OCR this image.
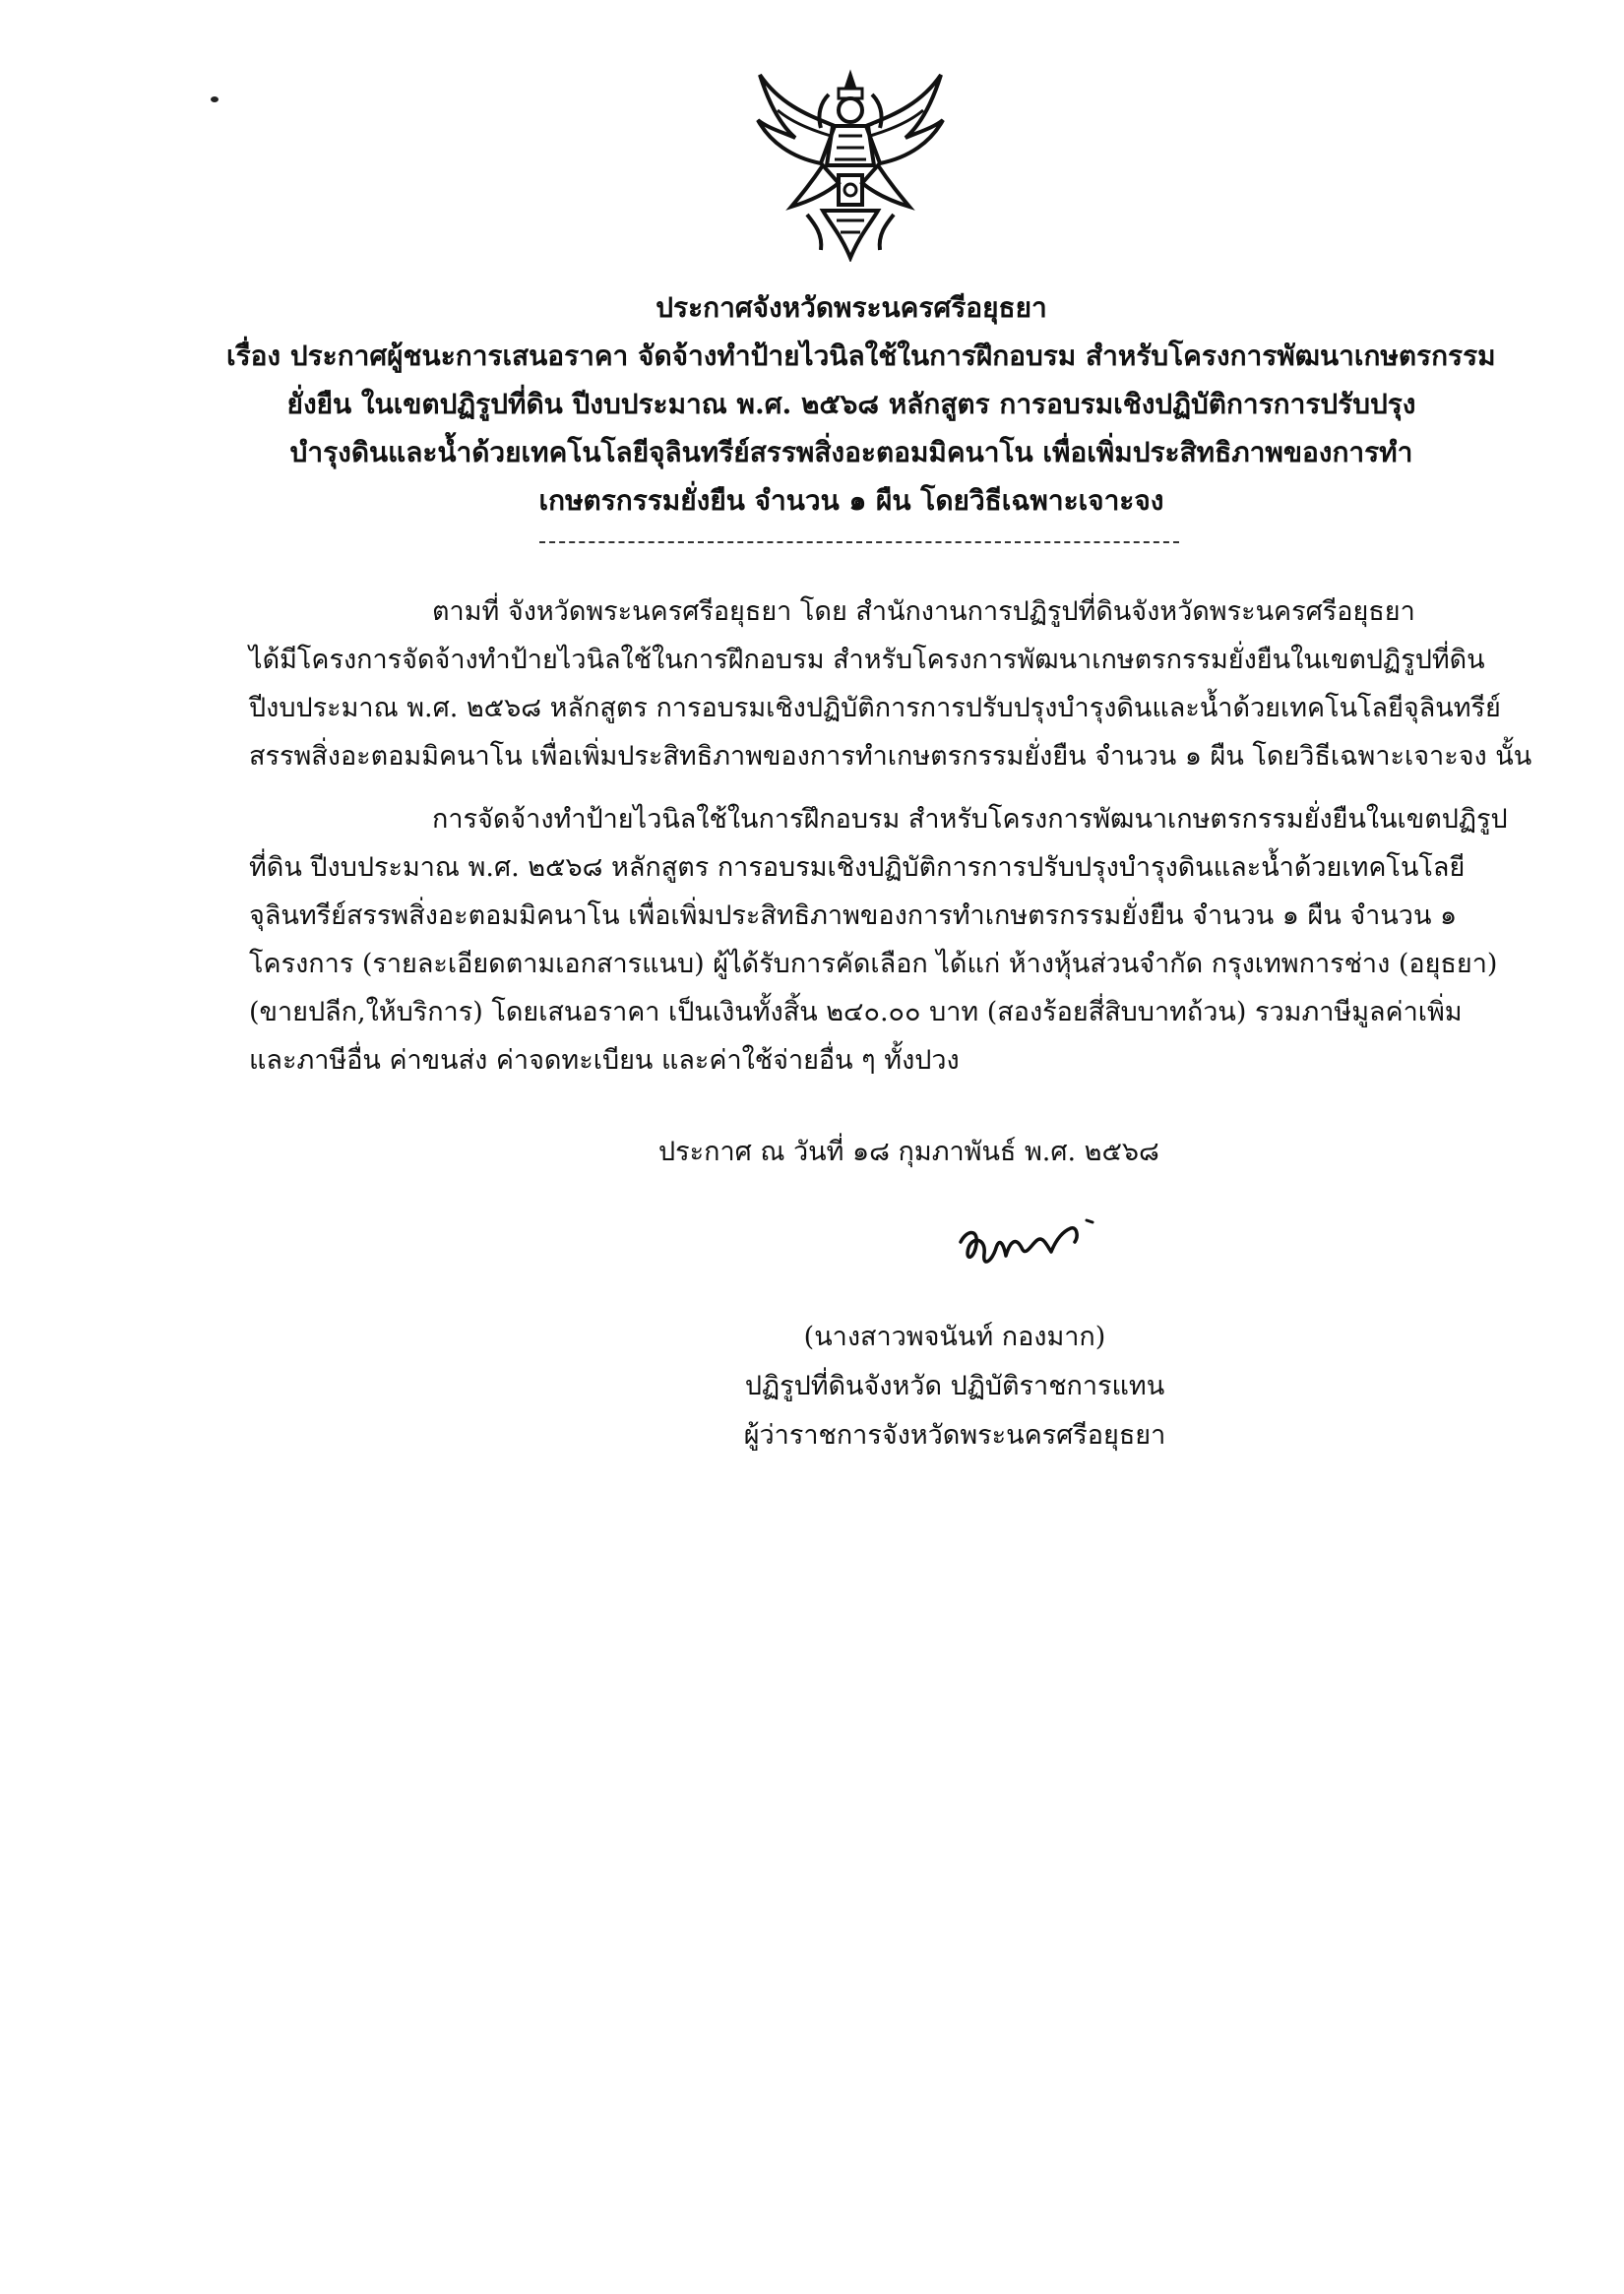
ประกาศจังหวัดพระนครศรีอยุธยา
เรื่อง ประกาศผู้ชนะการเสนอราคา จัดจ้างทำป้ายไวนิลใช้ในการฝึกอบรม สำหรับโครงการพัฒนาเกษตรกรรม
ยั่งยืน ในเขตปฏิรูปที่ดิน ปีงบประมาณ พ.ศ. ๒๕๖๘ หลักสูตร การอบรมเชิงปฏิบัติการการปรับปรุง
บำรุงดินและน้ำด้วยเทคโนโลยีจุลินทรีย์สรรพสิ่งอะตอมมิคนาโน เพื่อเพิ่มประสิทธิภาพของการทำ
เกษตรกรรมยั่งยืน จำนวน ๑ ผืน โดยวิธีเฉพาะเจาะจง
ตามที่ จังหวัดพระนครศรีอยุธยา โดย สำนักงานการปฏิรูปที่ดินจังหวัดพระนครศรีอยุธยา
ได้มีโครงการจัดจ้างทำป้ายไวนิลใช้ในการฝึกอบรม สำหรับโครงการพัฒนาเกษตรกรรมยั่งยืนในเขตปฏิรูปที่ดิน
ปีงบประมาณ พ.ศ. ๒๕๖๘ หลักสูตร การอบรมเชิงปฏิบัติการการปรับปรุงบำรุงดินและน้ำด้วยเทคโนโลยีจุลินทรีย์
สรรพสิ่งอะตอมมิคนาโน เพื่อเพิ่มประสิทธิภาพของการทำเกษตรกรรมยั่งยืน จำนวน ๑ ผืน โดยวิธีเฉพาะเจาะจง นั้น
การจัดจ้างทำป้ายไวนิลใช้ในการฝึกอบรม สำหรับโครงการพัฒนาเกษตรกรรมยั่งยืนในเขตปฏิรูป
ที่ดิน ปีงบประมาณ พ.ศ. ๒๕๖๘ หลักสูตร การอบรมเชิงปฏิบัติการการปรับปรุงบำรุงดินและน้ำด้วยเทคโนโลยี
จุลินทรีย์สรรพสิ่งอะตอมมิคนาโน เพื่อเพิ่มประสิทธิภาพของการทำเกษตรกรรมยั่งยืน จำนวน ๑ ผืน จำนวน ๑
โครงการ (รายละเอียดตามเอกสารแนบ) ผู้ได้รับการคัดเลือก ได้แก่ ห้างหุ้นส่วนจำกัด กรุงเทพการช่าง (อยุธยา)
(ขายปลีก,ให้บริการ) โดยเสนอราคา เป็นเงินทั้งสิ้น ๒๔๐.๐๐ บาท (สองร้อยสี่สิบบาทถ้วน) รวมภาษีมูลค่าเพิ่ม
และภาษีอื่น ค่าขนส่ง ค่าจดทะเบียน และค่าใช้จ่ายอื่น ๆ ทั้งปวง
ประกาศ ณ วันที่ ๑๘ กุมภาพันธ์ พ.ศ. ๒๕๖๘
(นางสาวพจนันท์ กองมาก)
ปฏิรูปที่ดินจังหวัด ปฏิบัติราชการแทน
ผู้ว่าราชการจังหวัดพระนครศรีอยุธยา
